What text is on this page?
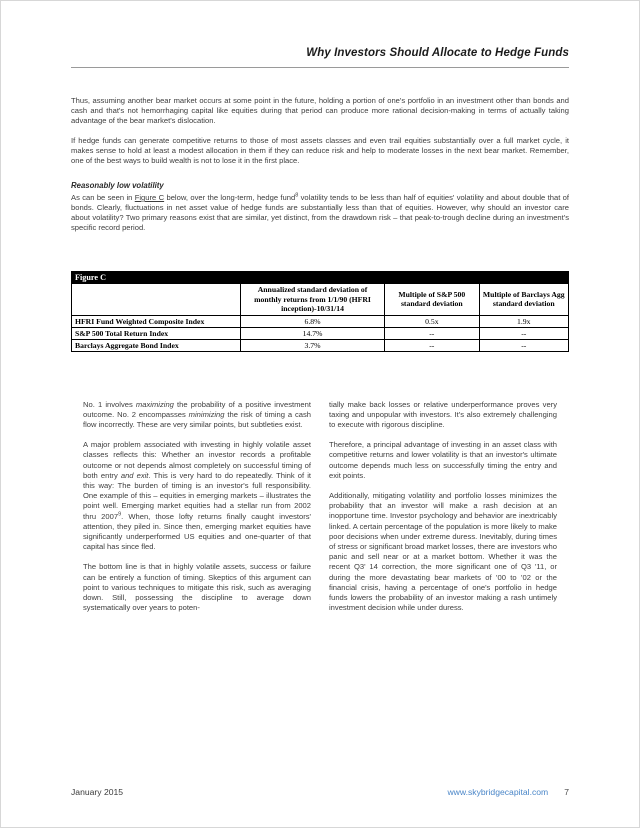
Why Investors Should Allocate to Hedge Funds

Thus, assuming another bear market occurs at some point in the future, holding a portion of one's portfolio in an investment other than bonds and cash and that's not hemorrhaging capital like equities during that period can produce more rational decision-making in terms of actually taking advantage of the bear market's dislocation.

If hedge funds can generate competitive returns to those of most assets classes and even trail equities substantially over a full market cycle, it makes sense to hold at least a modest allocation in them if they can reduce risk and help to moderate losses in the next bear market. Remember, one of the best ways to build wealth is not to lose it in the first place.

Reasonably low volatility

As can be seen in Figure C below, over the long-term, hedge fund$^8$ volatility tends to be less than half of equities' volatility and about double that of bonds. Clearly, fluctuations in net asset value of hedge funds are substantially less than that of equities. However, why should an investor care about volatility? Two primary reasons exist that are similar, yet distinct, from the drawdown risk – that peak-to-trough decline during an investment's specific record period.

Figure C			
	Annualized standard deviation of monthly returns from 1/1/90 (HFRI inception)-10/31/14	Multiple of S&P 500 standard deviation	Multiple of Barclays Agg standard deviation
HFRI Fund Weighted Composite Index	6.8%	0.5x	1.9x
S&P 500 Total Return Index	14.7%	--	--
Barclays Aggregate Bond Index	3.7%	--	--

No. 1 involves maximizing the probability of a positive investment outcome. No. 2 encompasses minimizing the risk of timing a cash flow incorrectly. These are very similar points, but subtleties exist.

A major problem associated with investing in highly volatile asset classes reflects this: Whether an investor records a profitable outcome or not depends almost completely on successful timing of both entry and exit. This is very hard to do repeatedly. Think of it this way: The burden of timing is an investor's full responsibility. One example of this – equities in emerging markets – illustrates the point well. Emerging market equities had a stellar run from 2002 thru 2007$^9$. When, those lofty returns finally caught investors' attention, they piled in. Since then, emerging market equities have significantly underperformed US equities and one-quarter of that capital has since fled.

The bottom line is that in highly volatile assets, success or failure can be entirely a function of timing. Skeptics of this argument can point to various techniques to mitigate this risk, such as averaging down. Still, possessing the discipline to average down systematically over years to poten-

tially make back losses or relative underperformance proves very taxing and unpopular with investors. It's also extremely challenging to execute with rigorous discipline.

Therefore, a principal advantage of investing in an asset class with competitive returns and lower volatility is that an investor's ultimate outcome depends much less on successfully timing the entry and exit points.

Additionally, mitigating volatility and portfolio losses minimizes the probability that an investor will make a rash decision at an inopportune time. Investor psychology and behavior are inextricably linked. A certain percentage of the population is more likely to make poor decisions when under extreme duress. Inevitably, during times of stress or significant broad market losses, there are investors who panic and sell near or at a market bottom. Whether it was the recent Q3' 14 correction, the more significant one of Q3 '11, or during the more devastating bear markets of '00 to '02 or the financial crisis, having a percentage of one's portfolio in hedge funds lowers the probability of an investor making a rash untimely investment decision while under duress.

January 2015	www.skybridgecapital.com 7
